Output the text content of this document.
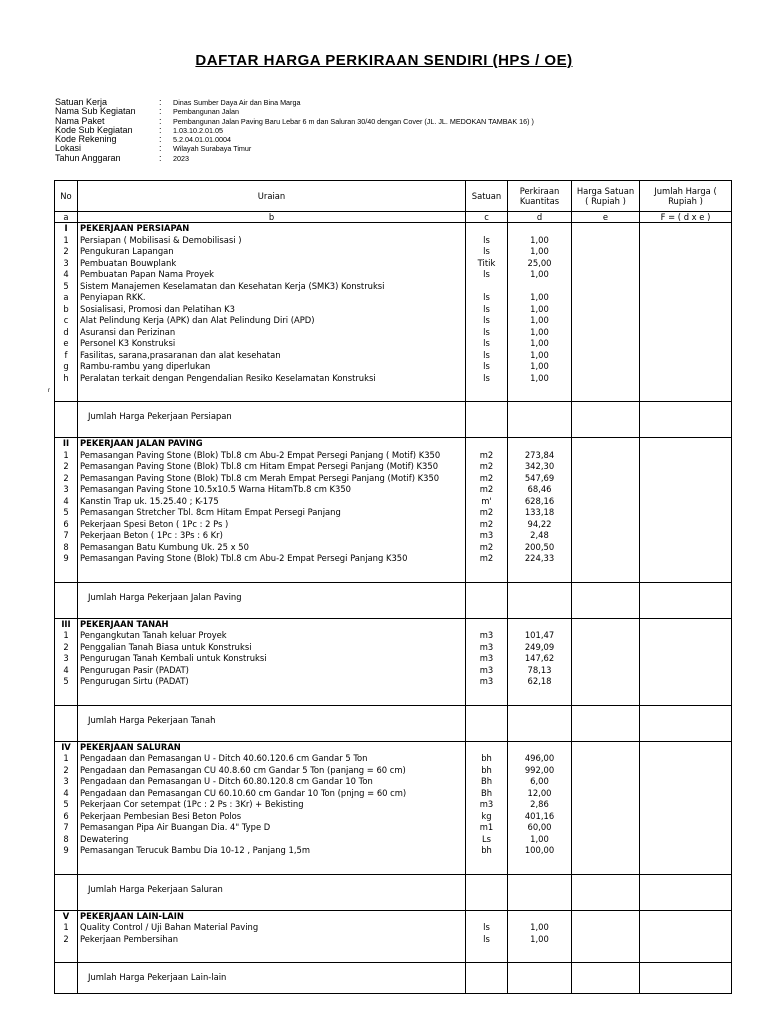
DAFTAR HARGA PERKIRAAN SENDIRI (HPS / OE)
Satuan Kerja	: Dinas Sumber Daya Air dan Bina Marga
Nama Sub Kegiatan	: Pembangunan Jalan
Nama Paket	: Pembangunan Jalan Paving Baru Lebar 6 m dan Saluran 30/40 dengan Cover (JL. JL. MEDOKAN TAMBAK 16) )
Kode Sub Kegiatan	: 1.03.10.2.01.05
Kode Rekening	: 5.2.04.01.01.0004
Lokasi	: Wilayah Surabaya Timur
Tahun Anggaran	: 2023
r
No	Uraian	Satuan	Perkiraan Kuantitas	Harga Satuan ( Rupiah )	Jumlah Harga ( Rupiah )
a	b	c	d	e	F = ( d x e )
I	PEKERJAAN PERSIAPAN				
1	Persiapan ( Mobilisasi & Demobilisasi )	ls	1,00		
2	Pengukuran Lapangan	ls	1,00		
3	Pembuatan Bouwplank	Titik	25,00		
4	Pembuatan Papan Nama Proyek	ls	1,00		
5	Sistem Manajemen Keselamatan dan Kesehatan Kerja (SMK3) Konstruksi				
a	Penyiapan RKK.	ls	1,00		
b	Sosialisasi, Promosi dan Pelatihan K3	ls	1,00		
c	Alat Pelindung Kerja (APK) dan Alat Pelindung Diri (APD)	ls	1,00		
d	Asuransi dan Perizinan	ls	1,00		
e	Personel K3 Konstruksi	ls	1,00		
f	Fasilitas, sarana,prasaranan dan alat kesehatan	ls	1,00		
g	Rambu-rambu yang diperlukan	ls	1,00		
h	Peralatan terkait dengan Pengendalian Resiko Keselamatan Konstruksi	ls	1,00		

	Jumlah Harga Pekerjaan Persiapan				

II	PEKERJAAN JALAN PAVING				
1	Pemasangan Paving Stone (Blok) Tbl.8 cm Abu-2 Empat Persegi Panjang ( Motif) K350	m2	273,84		
2	Pemasangan Paving Stone (Blok) Tbl.8 cm Hitam Empat Persegi Panjang (Motif) K350	m2	342,30		
2	Pemasangan Paving Stone (Blok) Tbl.8 cm Merah Empat Persegi Panjang (Motif) K350	m2	547,69		
3	Pemasangan Paving Stone 10.5x10.5 Warna HitamTb.8 cm K350	m2	68,46		
4	Kanstin Trap uk. 15.25.40 ; K-175	m'	628,16		
5	Pemasangan Stretcher Tbl. 8cm Hitam Empat Persegi Panjang	m2	133,18		
6	Pekerjaan Spesi Beton ( 1Pc : 2 Ps )	m2	94,22		
7	Pekerjaan Beton ( 1Pc : 3Ps : 6 Kr)	m3	2,48		
8	Pemasangan Batu Kumbung Uk. 25 x 50	m2	200,50		
9	Pemasangan Paving Stone (Blok) Tbl.8 cm Abu-2 Empat Persegi Panjang K350	m2	224,33		

	Jumlah Harga Pekerjaan Jalan Paving				

III	PEKERJAAN TANAH				
1	Pengangkutan Tanah keluar Proyek	m3	101,47		
2	Penggalian Tanah Biasa untuk Konstruksi	m3	249,09		
3	Pengurugan Tanah Kembali untuk Konstruksi	m3	147,62		
4	Pengurugan Pasir (PADAT)	m3	78,13		
5	Pengurugan Sirtu (PADAT)	m3	62,18		

	Jumlah Harga Pekerjaan Tanah				

IV	PEKERJAAN SALURAN				
1	Pengadaan dan Pemasangan U - Ditch 40.60.120.6 cm Gandar 5 Ton	bh	496,00		
2	Pengadaan dan Pemasangan CU 40.8.60 cm Gandar 5 Ton (panjang = 60 cm)	bh	992,00		
3	Pengadaan dan Pemasangan U - Ditch 60.80.120.8 cm Gandar 10 Ton	Bh	6,00		
4	Pengadaan dan Pemasangan CU 60.10.60 cm Gandar 10 Ton (pnjng = 60 cm)	Bh	12,00		
5	Pekerjaan Cor setempat (1Pc : 2 Ps : 3Kr) + Bekisting	m3	2,86		
6	Pekerjaan Pembesian Besi Beton Polos	kg	401,16		
7	Pemasangan Pipa Air Buangan Dia. 4" Type D	m1	60,00		
8	Dewatering	Ls	1,00		
9	Pemasangan Terucuk Bambu Dia 10-12 , Panjang 1,5m	bh	100,00		

	Jumlah Harga Pekerjaan Saluran				

V	PEKERJAAN LAIN-LAIN				
1	Quality Control / Uji Bahan Material Paving	ls	1,00		
2	Pekerjaan Pembersihan	ls	1,00		

	Jumlah Harga Pekerjaan Lain-lain				
